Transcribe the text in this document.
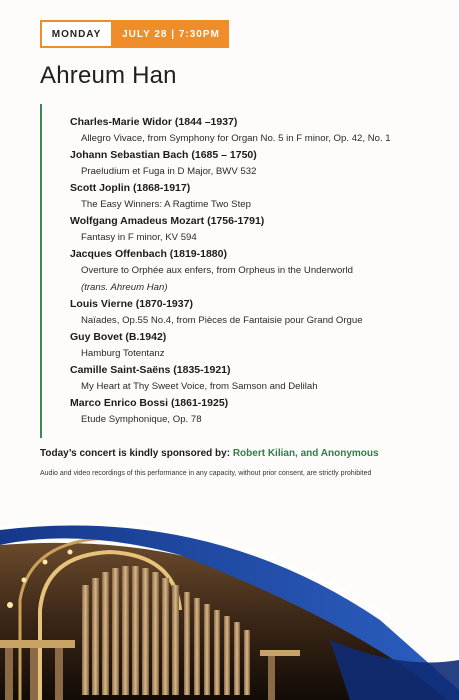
MONDAY	JULY 28 | 7:30PM
Ahreum Han
Charles-Marie Widor (1844 –1937)
Allegro Vivace, from Symphony for Organ No. 5 in F minor, Op. 42, No. 1
Johann Sebastian Bach (1685 – 1750)
Praeludium et Fuga in D Major, BWV 532
Scott Joplin (1868-1917)
The Easy Winners: A Ragtime Two Step
Wolfgang Amadeus Mozart (1756-1791)
Fantasy in F minor, KV 594
Jacques Offenbach (1819-1880)
Overture to Orphée aux enfers, from Orpheus in the Underworld
(trans. Ahreum Han)
Louis Vierne (1870-1937)
Naïades, Op.55 No.4, from Pièces de Fantaisie pour Grand Orgue
Guy Bovet (B.1942)
Hamburg Totentanz
Camille Saint-Saëns (1835-1921)
My Heart at Thy Sweet Voice, from Samson and Delilah
Marco Enrico Bossi (1861-1925)
Etude Symphonique, Op. 78
Today’s concert is kindly sponsored by: Robert Kilian, and Anonymous
Audio and video recordings of this performance in any capacity, without prior consent, are strictly prohibited
